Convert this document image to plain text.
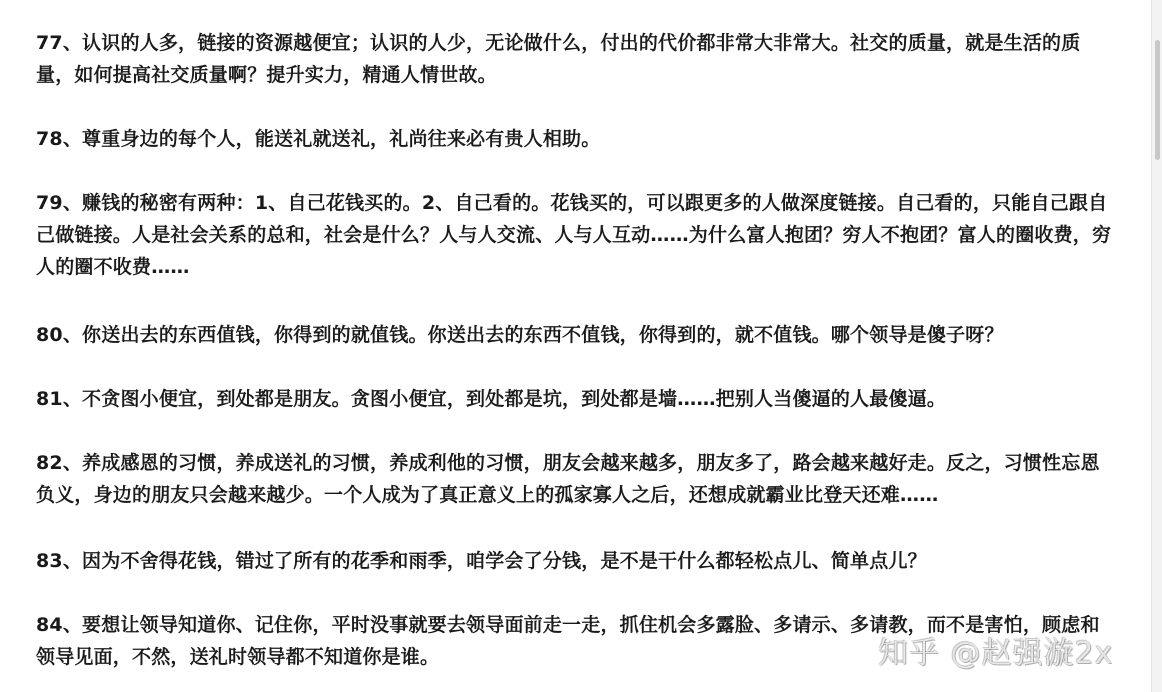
77、认识的人多，链接的资源越便宜；认识的人少，无论做什么，付出的代价都非常大非常大。社交的质量，就是生活的质量，如何提高社交质量啊？提升实力，精通人情世故。

78、尊重身边的每个人，能送礼就送礼，礼尚往来必有贵人相助。

79、赚钱的秘密有两种：1、自己花钱买的。2、自己看的。花钱买的，可以跟更多的人做深度链接。自己看的，只能自己跟自己做链接。人是社会关系的总和，社会是什么？人与人交流、人与人互动……为什么富人抱团？穷人不抱团？富人的圈收费，穷人的圈不收费……

80、你送出去的东西值钱，你得到的就值钱。你送出去的东西不值钱，你得到的，就不值钱。哪个领导是傻子呀？

81、不贪图小便宜，到处都是朋友。贪图小便宜，到处都是坑，到处都是墙……把别人当傻逼的人最傻逼。

82、养成感恩的习惯，养成送礼的习惯，养成利他的习惯，朋友会越来越多，朋友多了，路会越来越好走。反之，习惯性忘恩负义，身边的朋友只会越来越少。一个人成为了真正意义上的孤家寡人之后，还想成就霸业比登天还难……

83、因为不舍得花钱，错过了所有的花季和雨季，咱学会了分钱，是不是干什么都轻松点儿、简单点儿？

84、要想让领导知道你、记住你，平时没事就要去领导面前走一走，抓住机会多露脸、多请示、多请教，而不是害怕，顾虑和领导见面，不然，送礼时领导都不知道你是谁。	知乎 @赵强漩2x
